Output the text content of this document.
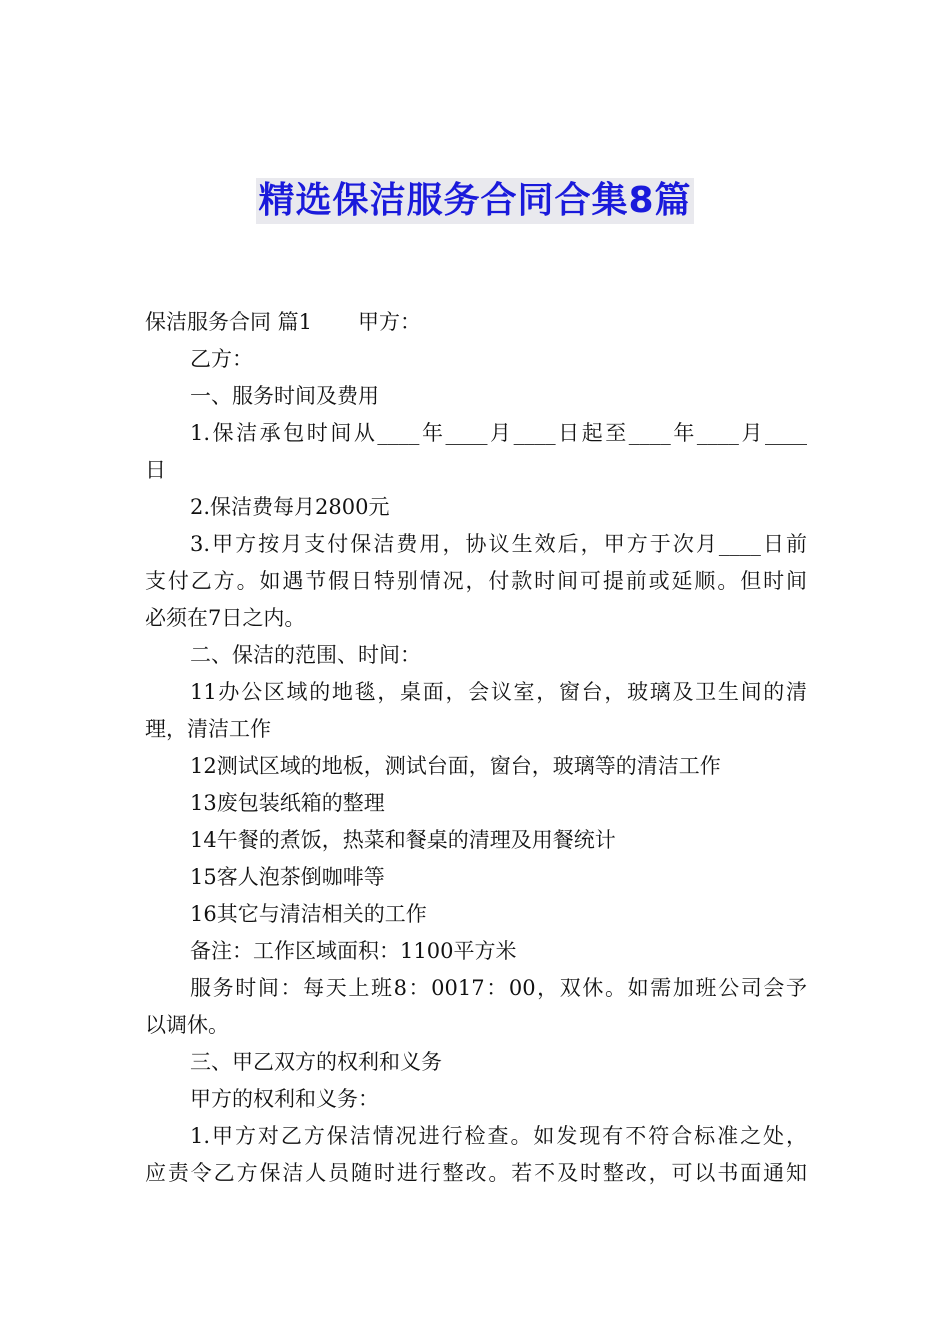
精选保洁服务合同合集8篇
保洁服务合同 篇1 甲方：
乙方：
一、服务时间及费用
1.保洁承包时间从____年____月____日起至____年____月____
日
2.保洁费每月2800元
3.甲方按月支付保洁费用，协议生效后，甲方于次月____日前
支付乙方。如遇节假日特别情况，付款时间可提前或延顺。但时间
必须在7日之内。
二、保洁的范围、时间：
11办公区域的地毯，桌面，会议室，窗台，玻璃及卫生间的清
理，清洁工作
12测试区域的地板，测试台面，窗台，玻璃等的清洁工作
13废包装纸箱的整理
14午餐的煮饭，热菜和餐桌的清理及用餐统计
15客人泡茶倒咖啡等
16其它与清洁相关的工作
备注：工作区域面积：1100平方米
服务时间：每天上班8：0017：00，双休。如需加班公司会予
以调休。
三、甲乙双方的权利和义务
甲方的权利和义务：
1.甲方对乙方保洁情况进行检查。如发现有不符合标准之处，
应责令乙方保洁人员随时进行整改。若不及时整改，可以书面通知
